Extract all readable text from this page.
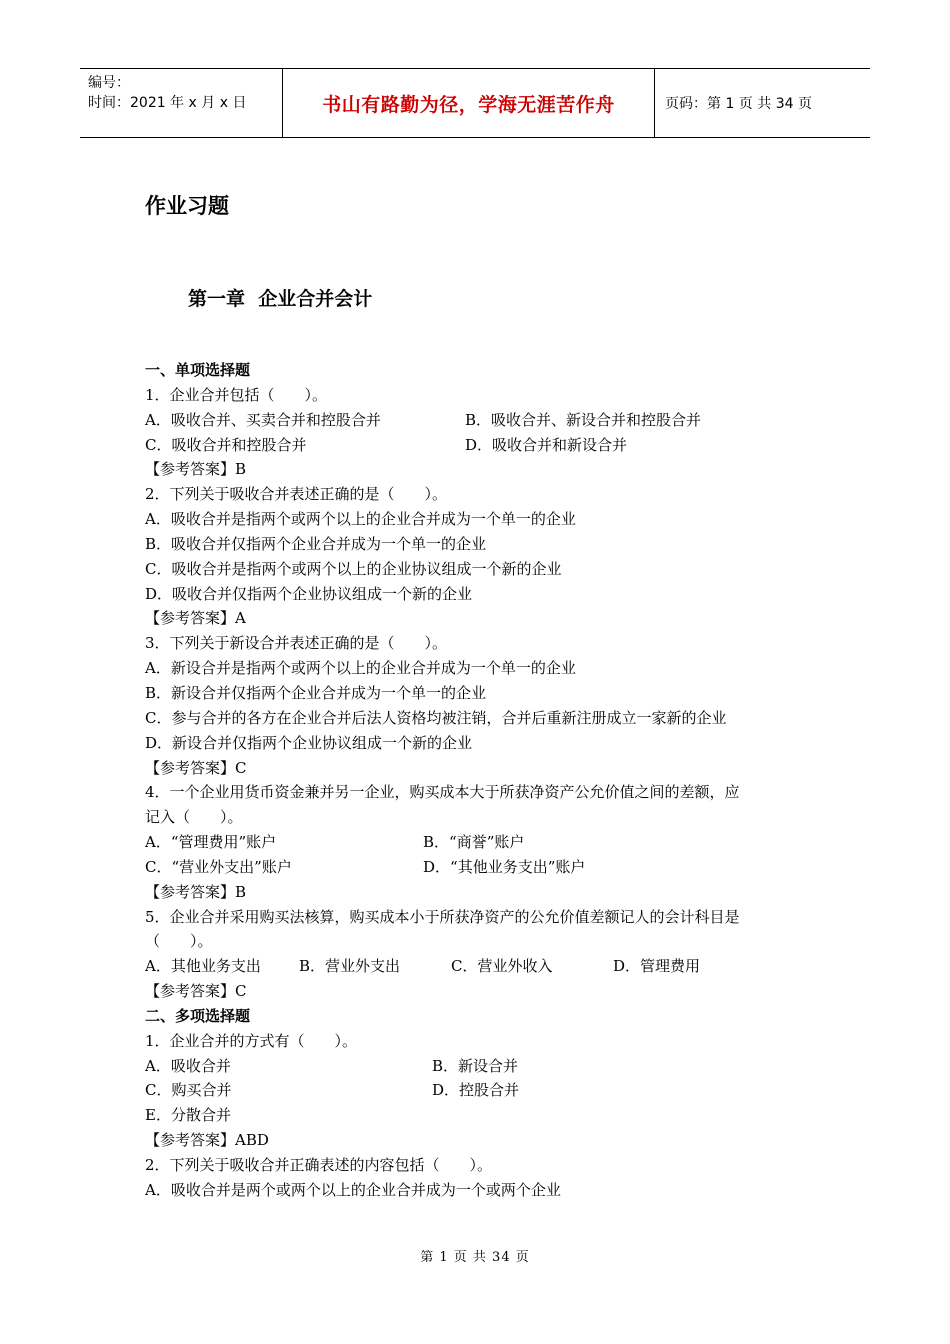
编号：
时间：2021 年 x 月 x 日	书山有路勤为径，学海无涯苦作舟	页码：第 1 页 共 34 页
作业习题
第一章  企业合并会计
一、单项选择题
1．企业合并包括（　　）。
A．吸收合并、买卖合并和控股合并	B．吸收合并、新设合并和控股合并
C．吸收合并和控股合并	D．吸收合并和新设合并
【参考答案】B
2．下列关于吸收合并表述正确的是（　　）。
A．吸收合并是指两个或两个以上的企业合并成为一个单一的企业
B．吸收合并仅指两个企业合并成为一个单一的企业
C．吸收合并是指两个或两个以上的企业协议组成一个新的企业
D．吸收合并仅指两个企业协议组成一个新的企业
【参考答案】A
3．下列关于新设合并表述正确的是（　　）。
A．新设合并是指两个或两个以上的企业合并成为一个单一的企业
B．新设合并仅指两个企业合并成为一个单一的企业
C．参与合并的各方在企业合并后法人资格均被注销，合并后重新注册成立一家新的企业
D．新设合并仅指两个企业协议组成一个新的企业
【参考答案】C
4．一个企业用货币资金兼并另一企业，购买成本大于所获净资产公允价值之间的差额，应
记入（　　）。
A．“管理费用”账户	B．“商誉”账户
C．“营业外支出”账户	D．“其他业务支出”账户
【参考答案】B
5．企业合并采用购买法核算，购买成本小于所获净资产的公允价值差额记人的会计科目是
（　　）。
A．其他业务支出	B．营业外支出	C．营业外收入	D．管理费用
【参考答案】C
二、多项选择题
1．企业合并的方式有（　　）。
A．吸收合并	B．新设合并
C．购买合并	D．控股合并
E．分散合并
【参考答案】ABD
2．下列关于吸收合并正确表述的内容包括（　　）。
A．吸收合并是两个或两个以上的企业合并成为一个或两个企业
第 1 页 共 34 页
